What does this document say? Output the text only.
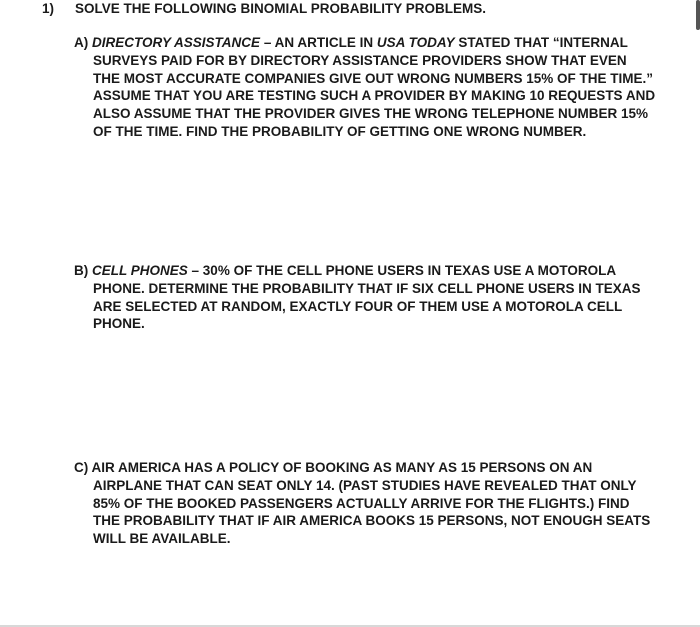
1) SOLVE THE FOLLOWING BINOMIAL PROBABILITY PROBLEMS.
A) DIRECTORY ASSISTANCE – AN ARTICLE IN USA TODAY STATED THAT “INTERNAL
SURVEYS PAID FOR BY DIRECTORY ASSISTANCE PROVIDERS SHOW THAT EVEN
THE MOST ACCURATE COMPANIES GIVE OUT WRONG NUMBERS 15% OF THE TIME.”
ASSUME THAT YOU ARE TESTING SUCH A PROVIDER BY MAKING 10 REQUESTS AND
ALSO ASSUME THAT THE PROVIDER GIVES THE WRONG TELEPHONE NUMBER 15%
OF THE TIME. FIND THE PROBABILITY OF GETTING ONE WRONG NUMBER.
B) CELL PHONES – 30% OF THE CELL PHONE USERS IN TEXAS USE A MOTOROLA
PHONE. DETERMINE THE PROBABILITY THAT IF SIX CELL PHONE USERS IN TEXAS
ARE SELECTED AT RANDOM, EXACTLY FOUR OF THEM USE A MOTOROLA CELL
PHONE.
C) AIR AMERICA HAS A POLICY OF BOOKING AS MANY AS 15 PERSONS ON AN
AIRPLANE THAT CAN SEAT ONLY 14. (PAST STUDIES HAVE REVEALED THAT ONLY
85% OF THE BOOKED PASSENGERS ACTUALLY ARRIVE FOR THE FLIGHTS.) FIND
THE PROBABILITY THAT IF AIR AMERICA BOOKS 15 PERSONS, NOT ENOUGH SEATS
WILL BE AVAILABLE.
